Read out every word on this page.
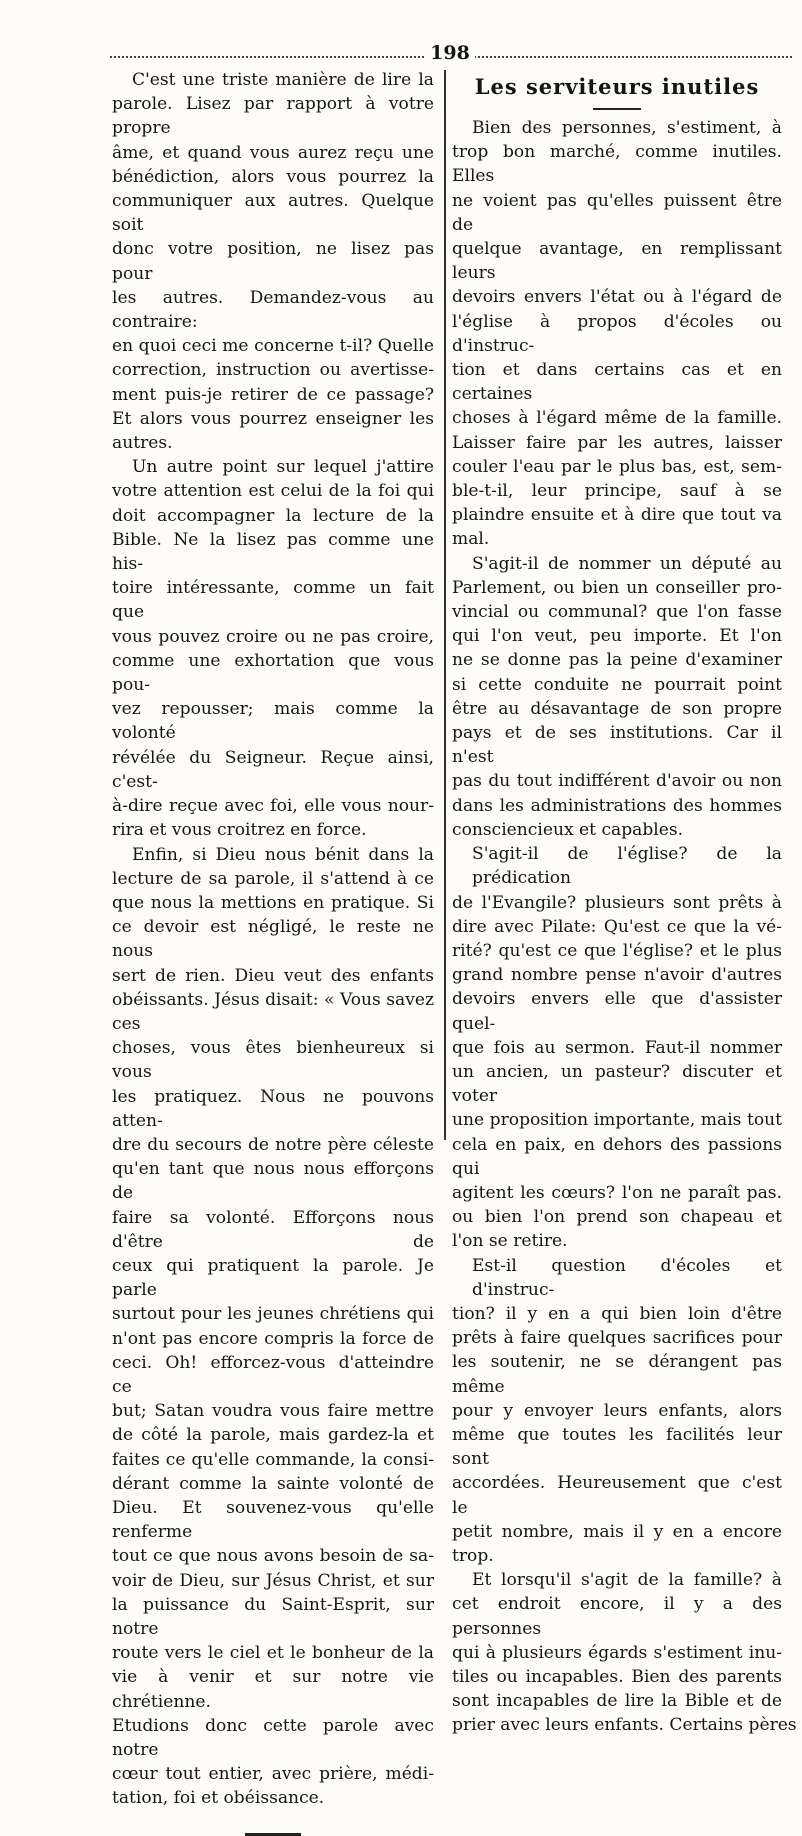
198

C'est une triste manière de lire la
parole. Lisez par rapport à votre propre
âme, et quand vous aurez reçu une
bénédiction, alors vous pourrez la
communiquer aux autres. Quelque soit
donc votre position, ne lisez pas pour
les autres. Demandez-vous au contraire:
en quoi ceci me concerne t-il? Quelle
correction, instruction ou avertisse-
ment puis-je retirer de ce passage?
Et alors vous pourrez enseigner les
autres.

Un autre point sur lequel j'attire
votre attention est celui de la foi qui
doit accompagner la lecture de la
Bible. Ne la lisez pas comme une his-
toire intéressante, comme un fait que
vous pouvez croire ou ne pas croire,
comme une exhortation que vous pou-
vez repousser; mais comme la volonté
révélée du Seigneur. Reçue ainsi, c'est-
à-dire reçue avec foi, elle vous nour-
rira et vous croitrez en force.

Enfin, si Dieu nous bénit dans la
lecture de sa parole, il s'attend à ce
que nous la mettions en pratique. Si
ce devoir est négligé, le reste ne nous
sert de rien. Dieu veut des enfants
obéissants. Jésus disait: « Vous savez ces
choses, vous êtes bienheureux si vous
les pratiquez. Nous ne pouvons atten-
dre du secours de notre père céleste
qu'en tant que nous nous efforçons de
faire sa volonté. Efforçons nous d'être de
ceux qui pratiquent la parole. Je parle
surtout pour les jeunes chrétiens qui
n'ont pas encore compris la force de
ceci. Oh! efforcez-vous d'atteindre ce
but; Satan voudra vous faire mettre
de côté la parole, mais gardez-la et
faites ce qu'elle commande, la consi-
dérant comme la sainte volonté de
Dieu. Et souvenez-vous qu'elle renferme
tout ce que nous avons besoin de sa-
voir de Dieu, sur Jésus Christ, et sur
la puissance du Saint-Esprit, sur notre
route vers le ciel et le bonheur de la
vie à venir et sur notre vie chrétienne.
Etudions donc cette parole avec notre
cœur tout entier, avec prière, médi-
tation, foi et obéissance.

Les serviteurs inutiles

Bien des personnes, s'estiment, à
trop bon marché, comme inutiles. Elles
ne voient pas qu'elles puissent être de
quelque avantage, en remplissant leurs
devoirs envers l'état ou à l'égard de
l'église à propos d'écoles ou d'instruc-
tion et dans certains cas et en certaines
choses à l'égard même de la famille.
Laisser faire par les autres, laisser
couler l'eau par le plus bas, est, sem-
ble-t-il, leur principe, sauf à se
plaindre ensuite et à dire que tout va
mal.

S'agit-il de nommer un député au
Parlement, ou bien un conseiller pro-
vincial ou communal? que l'on fasse
qui l'on veut, peu importe. Et l'on
ne se donne pas la peine d'examiner
si cette conduite ne pourrait point
être au désavantage de son propre
pays et de ses institutions. Car il n'est
pas du tout indifférent d'avoir ou non
dans les administrations des hommes
consciencieux et capables.

S'agit-il de l'église? de la prédication
de l'Evangile? plusieurs sont prêts à
dire avec Pilate: Qu'est ce que la vé-
rité? qu'est ce que l'église? et le plus
grand nombre pense n'avoir d'autres
devoirs envers elle que d'assister quel-
que fois au sermon. Faut-il nommer
un ancien, un pasteur? discuter et voter
une proposition importante, mais tout
cela en paix, en dehors des passions qui
agitent les cœurs? l'on ne paraît pas.
ou bien l'on prend son chapeau et
l'on se retire.

Est-il question d'écoles et d'instruc-
tion? il y en a qui bien loin d'être
prêts à faire quelques sacrifices pour
les soutenir, ne se dérangent pas même
pour y envoyer leurs enfants, alors
même que toutes les facilités leur sont
accordées. Heureusement que c'est le
petit nombre, mais il y en a encore
trop.

Et lorsqu'il s'agit de la famille? à
cet endroit encore, il y a des personnes
qui à plusieurs égards s'estiment inu-
tiles ou incapables. Bien des parents
sont incapables de lire la Bible et de
prier avec leurs enfants. Certains pères
